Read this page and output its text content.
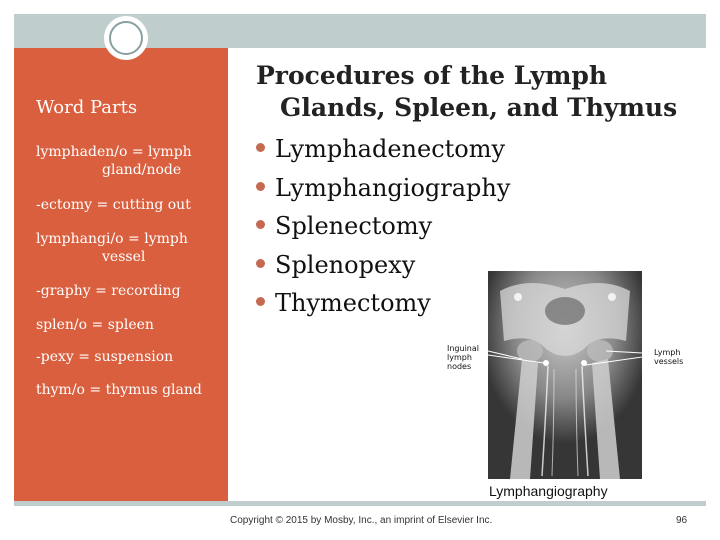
Word Parts
lymphaden/o = lymph
gland/node
-ectomy = cutting out
lymphangi/o = lymph
vessel
-graphy = recording
splen/o = spleen
-pexy = suspension
thym/o = thymus gland
Procedures of the Lymph
Glands, Spleen, and Thymus
Lymphadenectomy
Lymphangiography
Splenectomy
Splenopexy
Thymectomy
Inguinal lymph nodes
Lymph vessels
Lymphangiography
Copyright © 2015 by Mosby, Inc., an imprint of Elsevier Inc.	96
